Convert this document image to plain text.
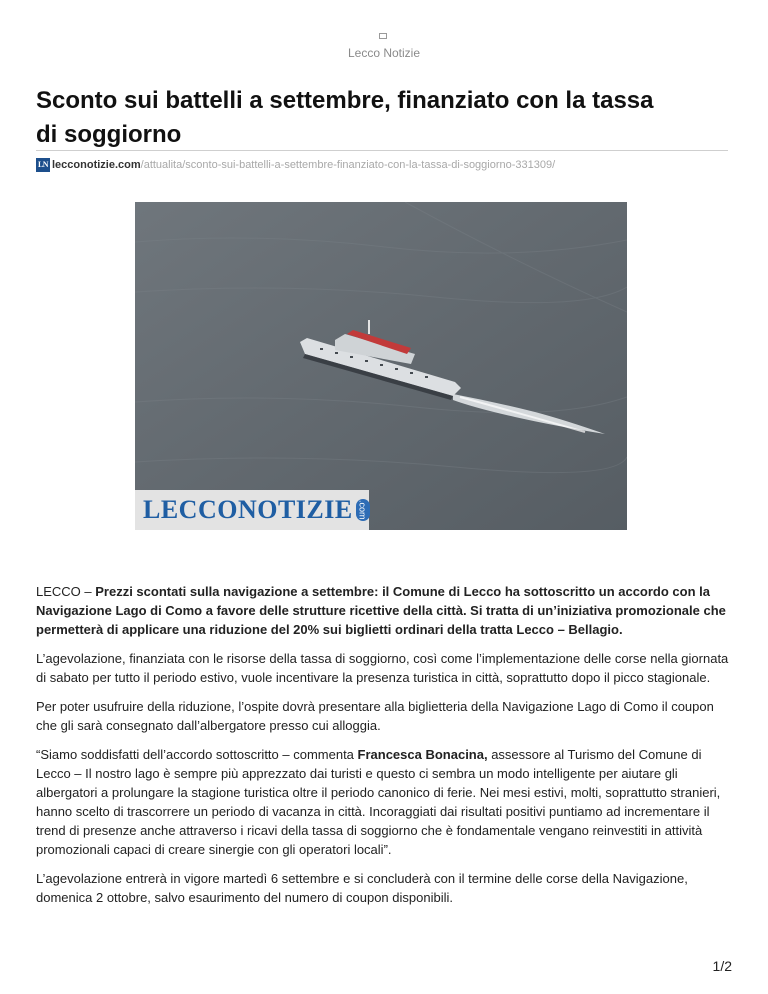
Lecco Notizie
Sconto sui battelli a settembre, finanziato con la tassa di soggiorno
LN lecconotizie.com /attualita/sconto-sui-battelli-a-settembre-finanziato-con-la-tassa-di-soggiorno-331309/
LECCONOTIZIE .com

LECCO – Prezzi scontati sulla navigazione a settembre: il Comune di Lecco ha sottoscritto un accordo con la Navigazione Lago di Como a favore delle strutture ricettive della città. Si tratta di un’iniziativa promozionale che permetterà di applicare una riduzione del 20% sui biglietti ordinari della tratta Lecco – Bellagio.

L’agevolazione, finanziata con le risorse della tassa di soggiorno, così come l’implementazione delle corse nella giornata di sabato per tutto il periodo estivo, vuole incentivare la presenza turistica in città, soprattutto dopo il picco stagionale.

Per poter usufruire della riduzione, l’ospite dovrà presentare alla biglietteria della Navigazione Lago di Como il coupon che gli sarà consegnato dall’albergatore presso cui alloggia.

“Siamo soddisfatti dell’accordo sottoscritto – commenta Francesca Bonacina, assessore al Turismo del Comune di Lecco – Il nostro lago è sempre più apprezzato dai turisti e questo ci sembra un modo intelligente per aiutare gli albergatori a prolungare la stagione turistica oltre il periodo canonico di ferie. Nei mesi estivi, molti, soprattutto stranieri, hanno scelto di trascorrere un periodo di vacanza in città. Incoraggiati dai risultati positivi puntiamo ad incrementare il trend di presenze anche attraverso i ricavi della tassa di soggiorno che è fondamentale vengano reinvestiti in attività promozionali capaci di creare sinergie con gli operatori locali”.

L’agevolazione entrerà in vigore martedì 6 settembre e si concluderà con il termine delle corse della Navigazione, domenica 2 ottobre, salvo esaurimento del numero di coupon disponibili.

1/2
